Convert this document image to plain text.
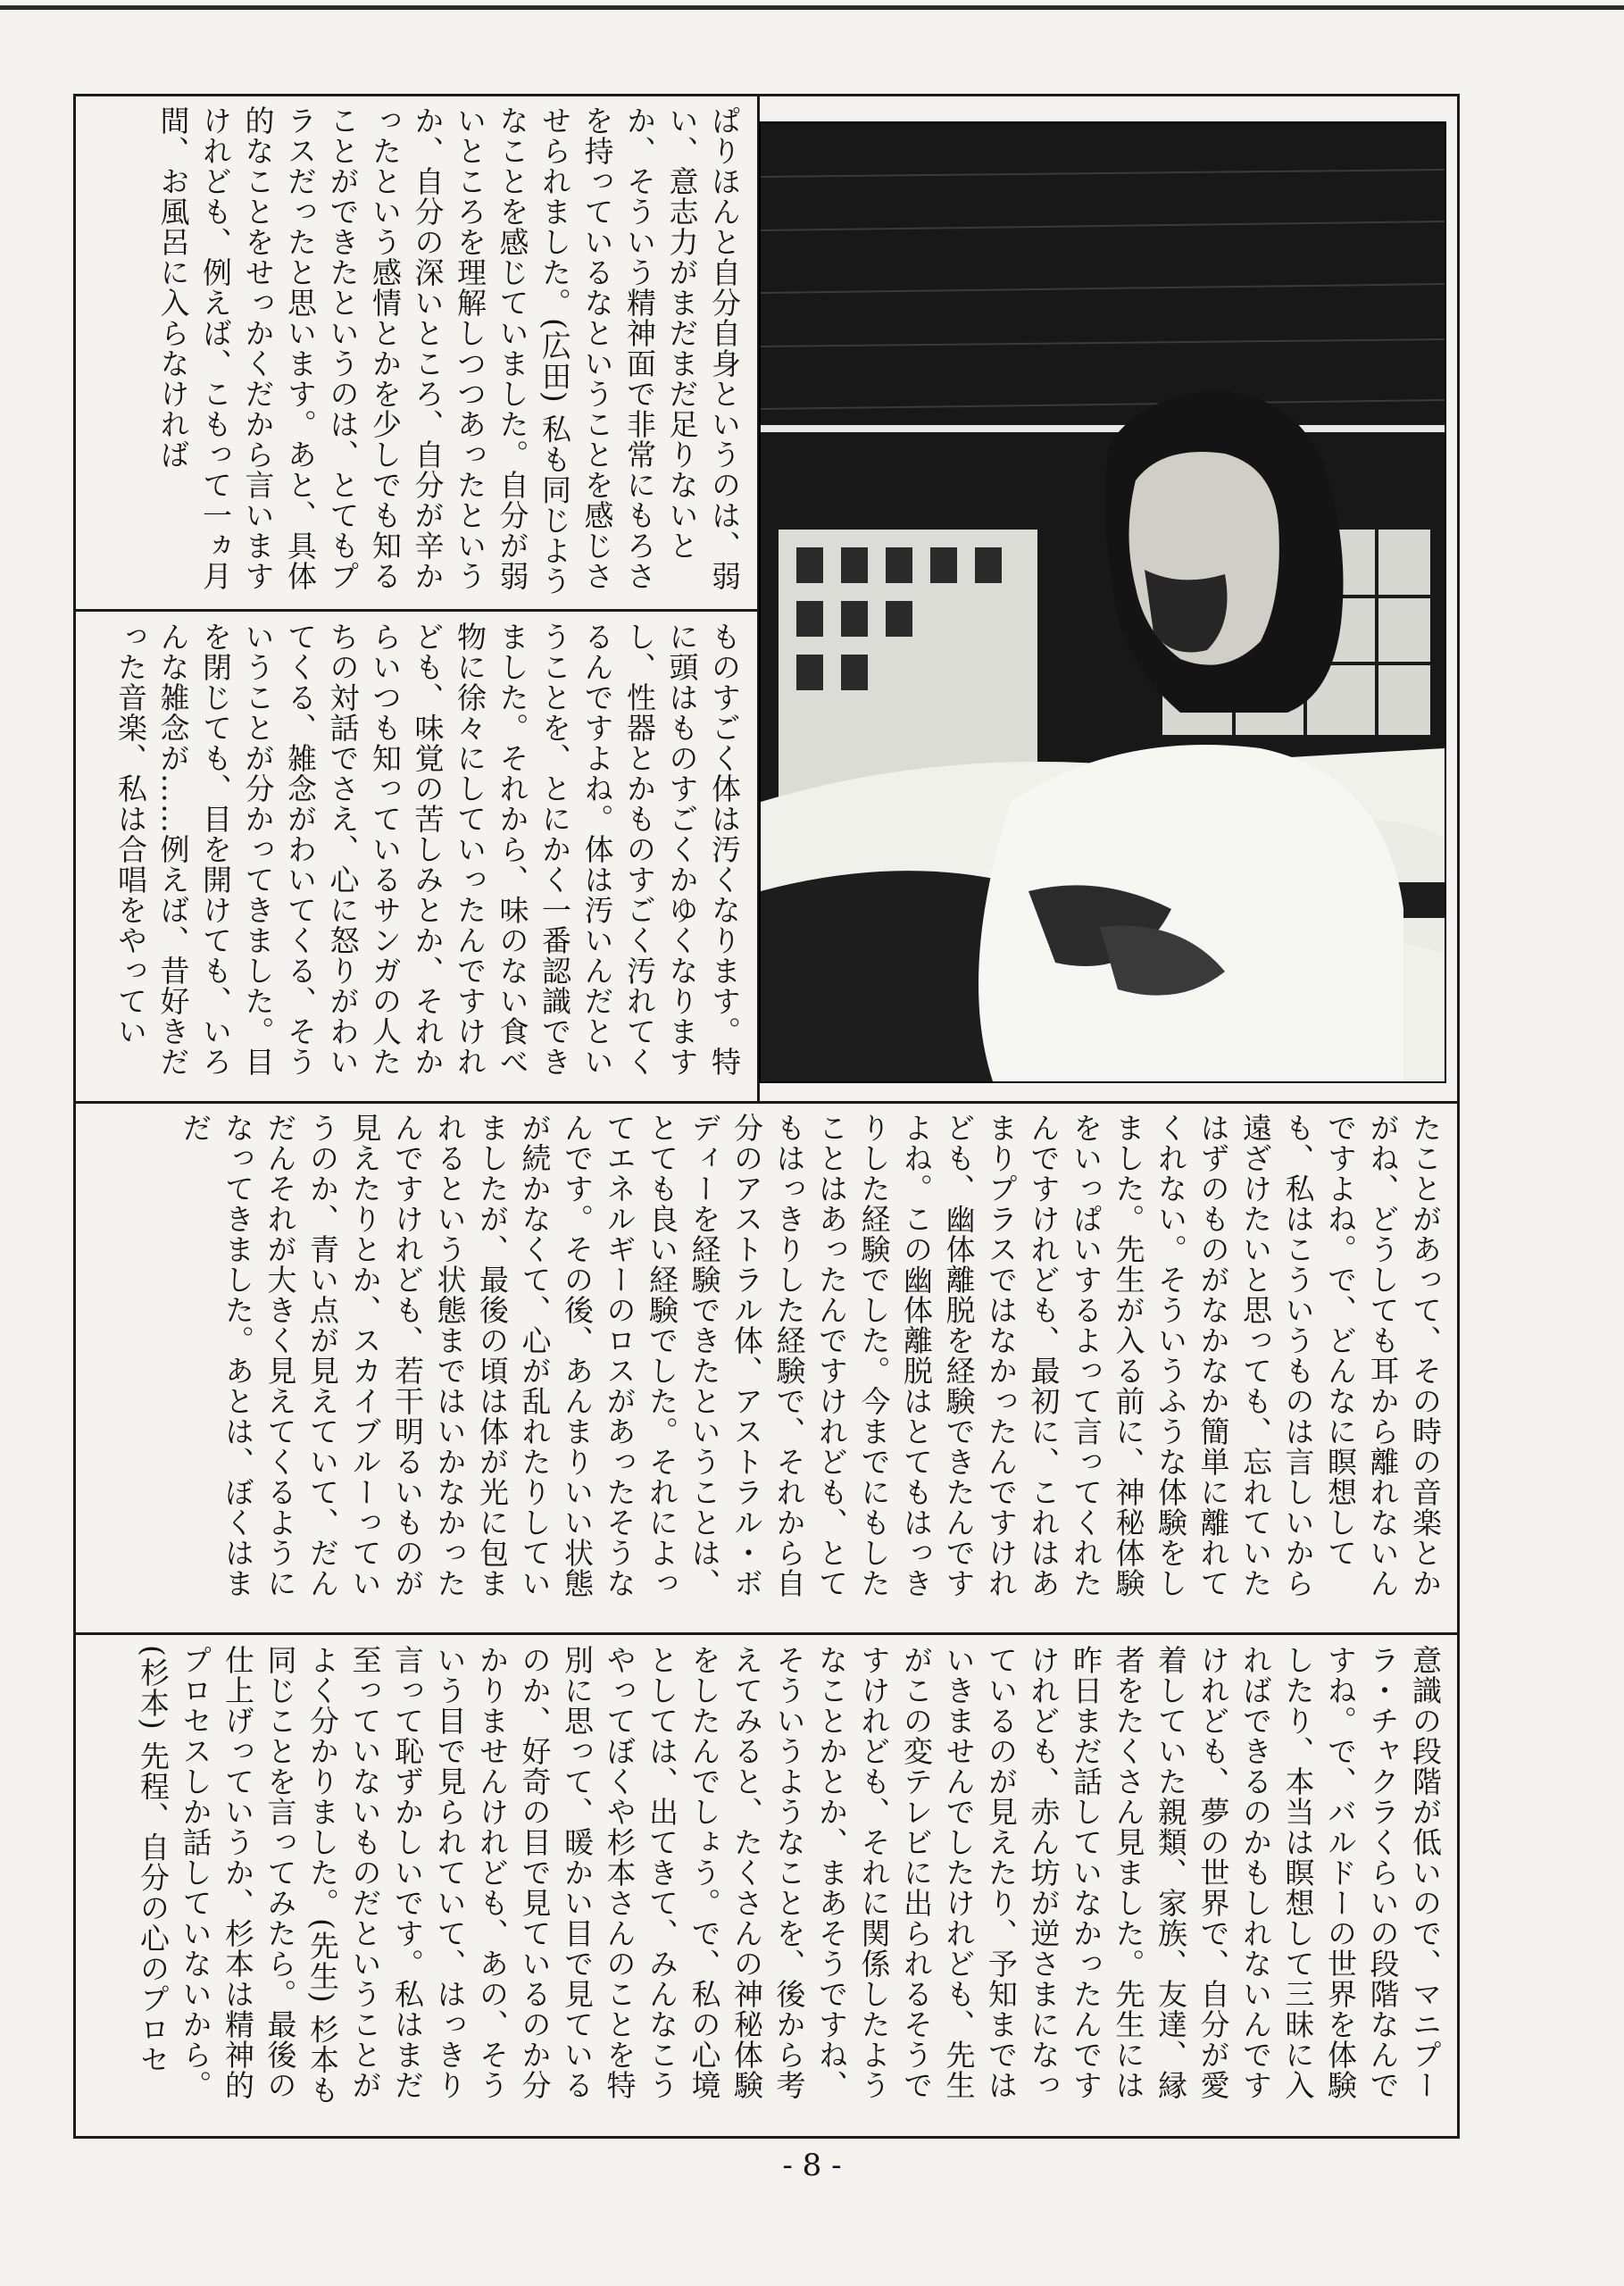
ぱりほんと自分自身というのは、弱い、意志力がまだまだ足りないとか、そういう精神面で非常にもろさを持っているなということを感じさせられました。(広田) 私も同じようなことを感じていました。自分が弱いところを理解しつつあったというか、自分の深いところ、自分が辛かったという感情とかを少しでも知ることができたというのは、とてもプラスだったと思います。あと、具体的なことをせっかくだから言いますけれども、例えば、こもって一ヵ月間、お風呂に入らなければ
ものすごく体は汚くなります。特に頭はものすごくかゆくなりますし、性器とかものすごく汚れてくるんですよね。体は汚いんだということを、とにかく一番認識できました。それから、味のない食べ物に徐々にしていったんですけれども、味覚の苦しみとか、それからいつも知っているサンガの人たちの対話でさえ、心に怒りがわいてくる、雑念がわいてくる、そういうことが分かってきました。目を閉じても、目を開けても、いろんな雑念が……例えば、昔好きだった音楽、私は合唱をやってい
たことがあって、その時の音楽とかがね、どうしても耳から離れないんですよね。で、どんなに瞑想しても、私はこういうものは言しいから遠ざけたいと思っても、忘れていたはずのものがなかなか簡単に離れてくれない。そういうふうな体験をしました。先生が入る前に、神秘体験をいっぱいするよって言ってくれたんですけれども、最初に、これはあまりプラスではなかったんですけれども、幽体離脱を経験できたんですよね。この幽体離脱はとてもはっきりした経験でした。今までにもしたことはあったんですけれども、とてもはっきりした経験で、それから自分のアストラル体、アストラル・ボディーを経験できたということは、とても良い経験でした。それによってエネルギーのロスがあったそうなんです。その後、あんまりいい状態が続かなくて、心が乱れたりしていましたが、最後の頃は体が光に包まれるという状態まではいかなかったんですけれども、若干明るいものが見えたりとか、スカイブルーっていうのか、青い点が見えていて、だんだんそれが大きく見えてくるようになってきました。あとは、ぼくはまだ
意識の段階が低いので、マニプーラ・チャクラくらいの段階なんですね。で、バルドーの世界を体験したり、本当は瞑想して三昧に入ればできるのかもしれないんですけれども、夢の世界で、自分が愛着していた親類、家族、友達、縁者をたくさん見ました。先生には昨日まだ話していなかったんですけれども、赤ん坊が逆さまになっているのが見えたり、予知まではいきませんでしたけれども、先生がこの変テレビに出られるそうですけれども、それに関係したようなことかとか、まあそうですね、そういうようなことを、後から考えてみると、たくさんの神秘体験をしたんでしょう。で、私の心境としては、出てきて、みんなこうやってぼくや杉本さんのことを特別に思って、暖かい目で見ているのか、好奇の目で見ているのか分かりませんけれども、あの、そういう目で見られていて、はっきり言って恥ずかしいです。私はまだ至っていないものだということがよく分かりました。(先生) 杉本も同じことを言ってみたら。最後の仕上げっていうか、杉本は精神的プロセスしか話していないから。(杉本) 先程、自分の心のプロセ
- 8 -
